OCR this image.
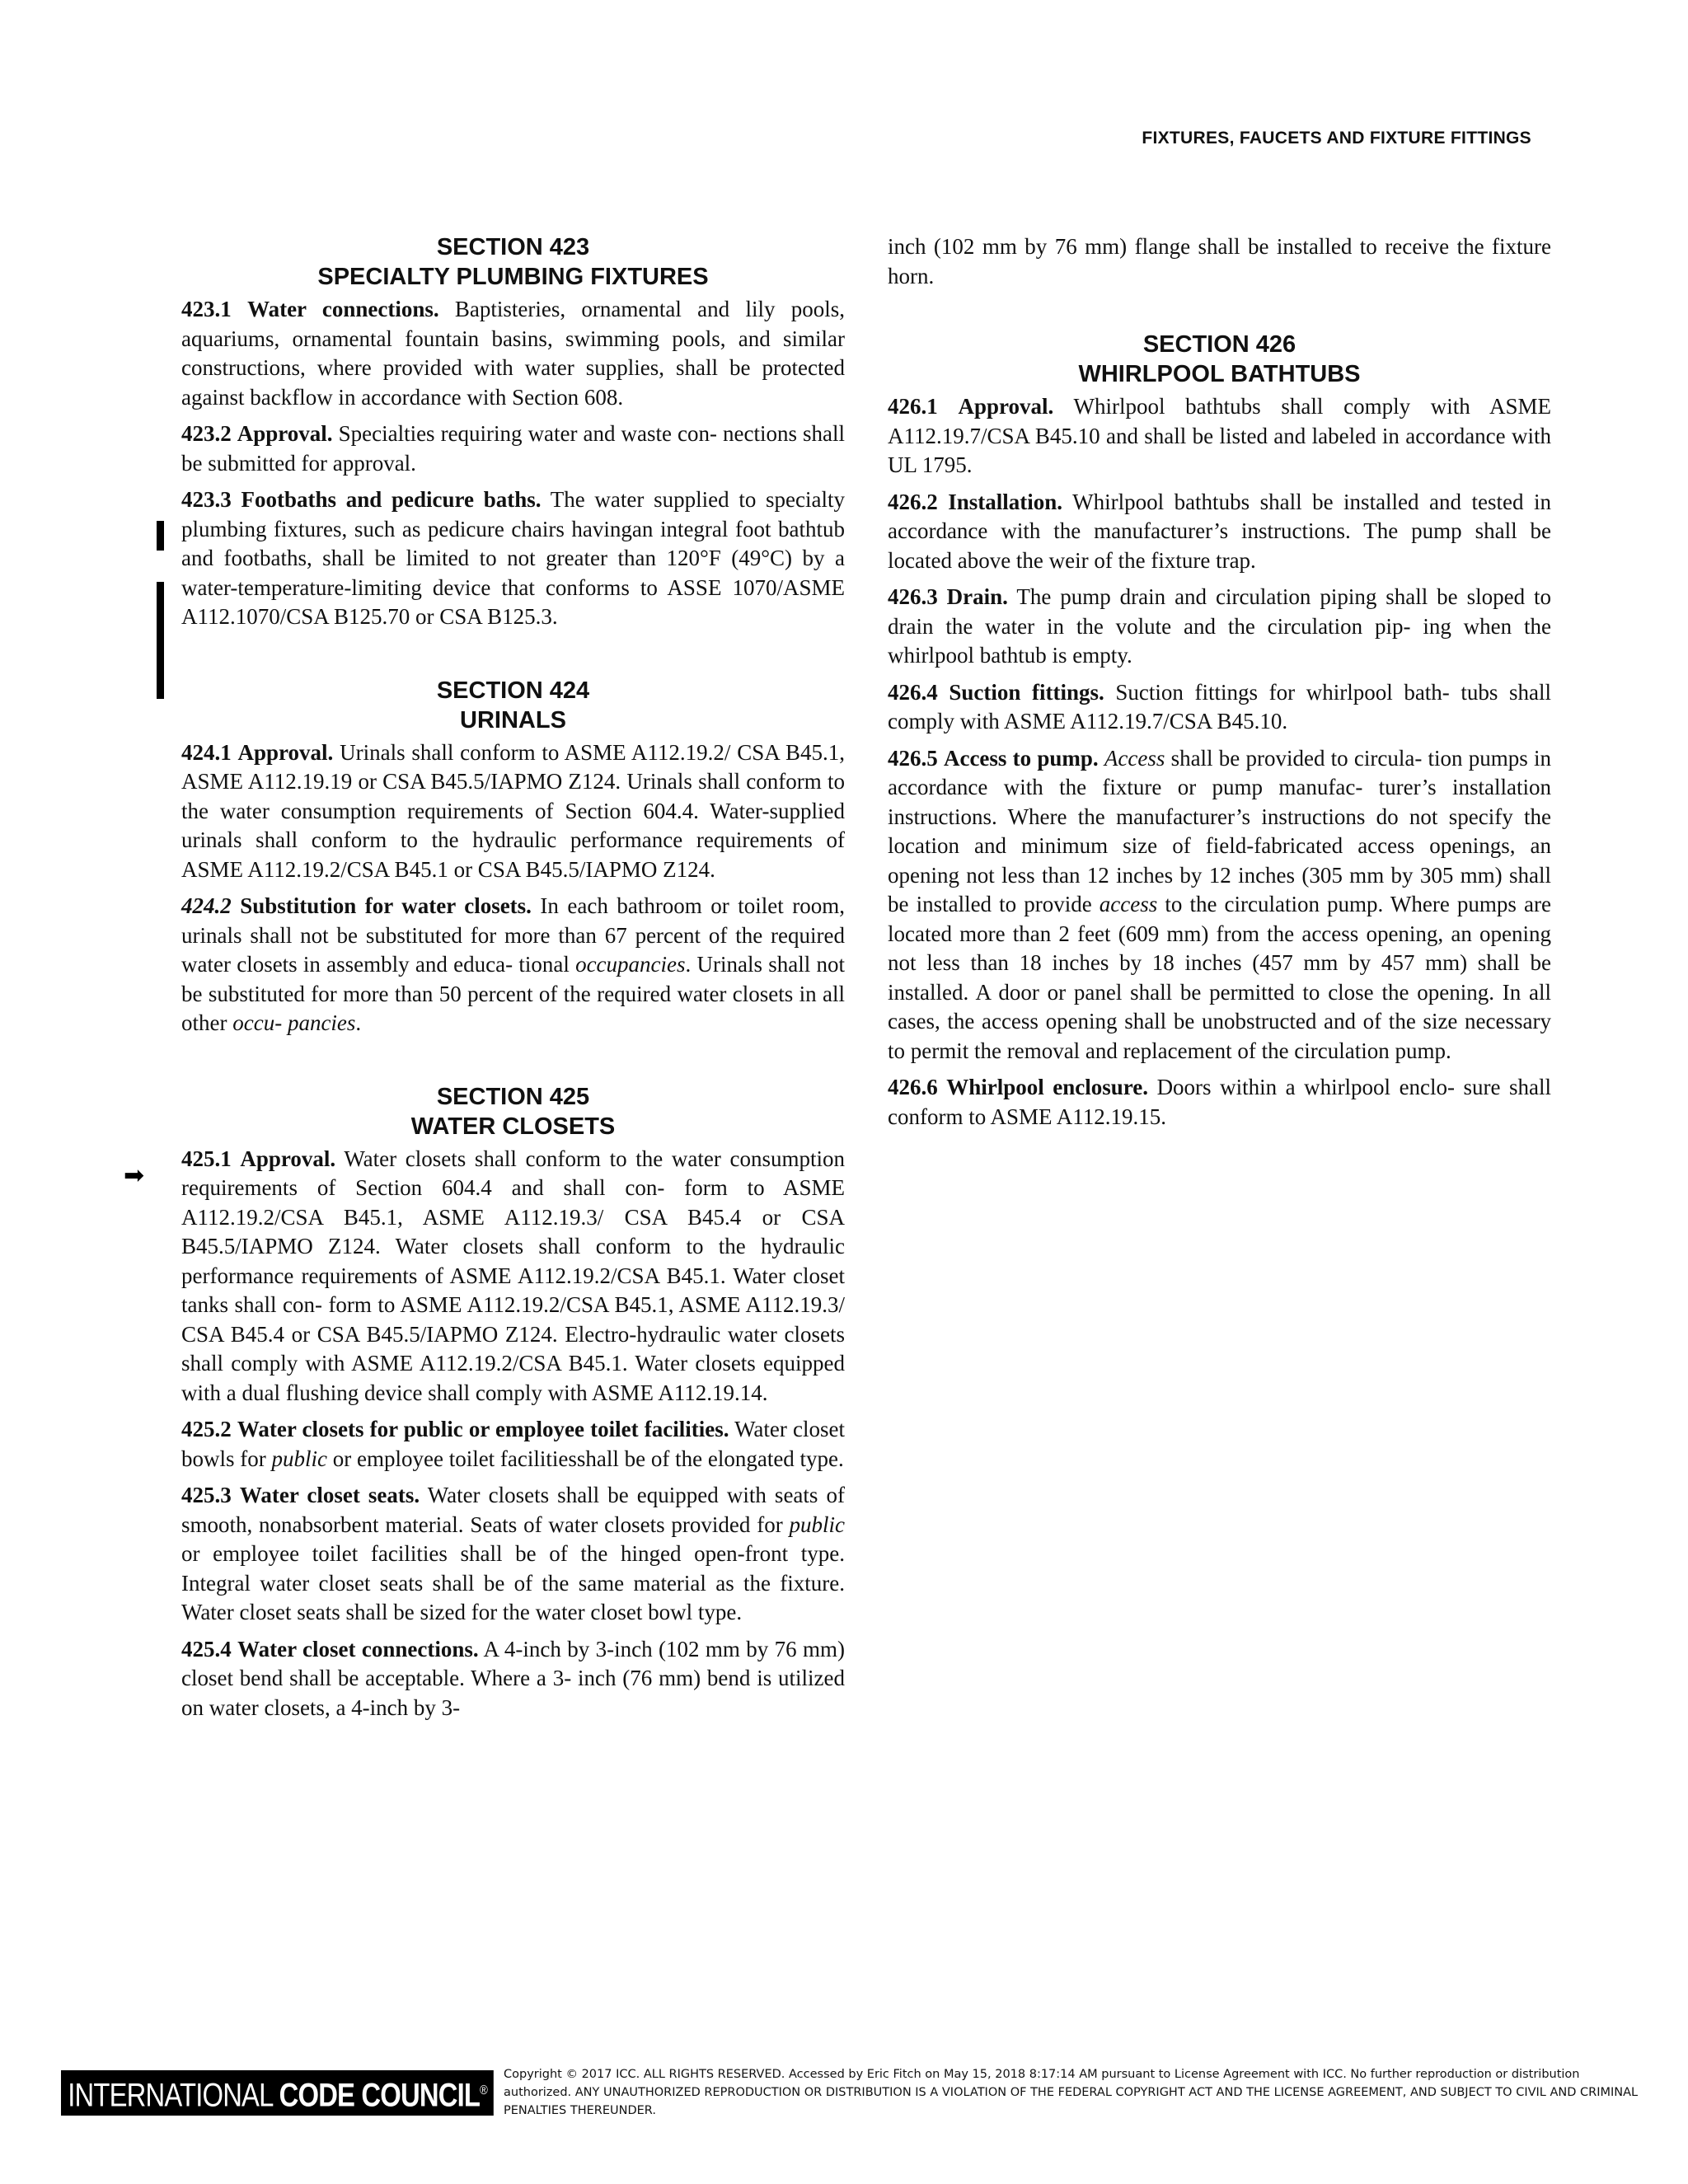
FIXTURES, FAUCETS AND FIXTURE FITTINGS
➡
SECTION 423
SPECIALTY PLUMBING FIXTURES

423.1 Water connections. Baptisteries, ornamental and lily pools, aquariums, ornamental fountain basins, swimming pools, and similar constructions, where provided with water supplies, shall be protected against backflow in accordance with Section 608.

423.2 Approval. Specialties requiring water and waste con- nections shall be submitted for approval.

423.3 Footbaths and pedicure baths. The water supplied to specialty plumbing fixtures, such as pedicure chairs havingan integral foot bathtub and footbaths, shall be limited to not greater than 120°F (49°C) by a water-temperature-limiting device that conforms to ASSE 1070/ASME A112.1070/CSA B125.70 or CSA B125.3.

SECTION 424
URINALS

424.1 Approval. Urinals shall conform to ASME A112.19.2/ CSA B45.1, ASME A112.19.19 or CSA B45.5/IAPMO Z124. Urinals shall conform to the water consumption requirements of Section 604.4. Water-supplied urinals shall conform to the hydraulic performance requirements of ASME A112.19.2/CSA B45.1 or CSA B45.5/IAPMO Z124.

424.2 Substitution for water closets. In each bathroom or toilet room, urinals shall not be substituted for more than 67 percent of the required water closets in assembly and educa- tional occupancies. Urinals shall not be substituted for more than 50 percent of the required water closets in all other occu- pancies.

SECTION 425
WATER CLOSETS

425.1 Approval. Water closets shall conform to the water consumption requirements of Section 604.4 and shall con- form to ASME A112.19.2/CSA B45.1, ASME A112.19.3/ CSA B45.4 or CSA B45.5/IAPMO Z124. Water closets shall conform to the hydraulic performance requirements of ASME A112.19.2/CSA B45.1. Water closet tanks shall con- form to ASME A112.19.2/CSA B45.1, ASME A112.19.3/ CSA B45.4 or CSA B45.5/IAPMO Z124. Electro-hydraulic water closets shall comply with ASME A112.19.2/CSA B45.1. Water closets equipped with a dual flushing device shall comply with ASME A112.19.14.

425.2 Water closets for public or employee toilet facilities. Water closet bowls for public or employee toilet facilitiesshall be of the elongated type.

425.3 Water closet seats. Water closets shall be equipped with seats of smooth, nonabsorbent material. Seats of water closets provided for public or employee toilet facilities shall be of the hinged open-front type. Integral water closet seats shall be of the same material as the fixture. Water closet seats shall be sized for the water closet bowl type.

425.4 Water closet connections. A 4-inch by 3-inch (102 mm by 76 mm) closet bend shall be acceptable. Where a 3- inch (76 mm) bend is utilized on water closets, a 4-inch by 3-

inch (102 mm by 76 mm) flange shall be installed to receive the fixture horn.

SECTION 426
WHIRLPOOL BATHTUBS

426.1 Approval. Whirlpool bathtubs shall comply with ASME A112.19.7/CSA B45.10 and shall be listed and labeled in accordance with UL 1795.

426.2 Installation. Whirlpool bathtubs shall be installed and tested in accordance with the manufacturer’s instructions. The pump shall be located above the weir of the fixture trap.

426.3 Drain. The pump drain and circulation piping shall be sloped to drain the water in the volute and the circulation pip- ing when the whirlpool bathtub is empty.

426.4 Suction fittings. Suction fittings for whirlpool bath- tubs shall comply with ASME A112.19.7/CSA B45.10.

426.5 Access to pump. Access shall be provided to circula- tion pumps in accordance with the fixture or pump manufac- turer’s installation instructions. Where the manufacturer’s instructions do not specify the location and minimum size of field-fabricated access openings, an opening not less than 12 inches by 12 inches (305 mm by 305 mm) shall be installed to provide access to the circulation pump. Where pumps are located more than 2 feet (609 mm) from the access opening, an opening not less than 18 inches by 18 inches (457 mm by 457 mm) shall be installed. A door or panel shall be permitted to close the opening. In all cases, the access opening shall be unobstructed and of the size necessary to permit the removal and replacement of the circulation pump.

426.6 Whirlpool enclosure. Doors within a whirlpool enclo- sure shall conform to ASME A112.19.15.

INTERNATIONAL CODE COUNCIL®
Copyright © 2017 ICC. ALL RIGHTS RESERVED. Accessed by Eric Fitch on May 15, 2018 8:17:14 AM pursuant to License Agreement with ICC. No further reproduction or distribution authorized. ANY UNAUTHORIZED REPRODUCTION OR DISTRIBUTION IS A VIOLATION OF THE FEDERAL COPYRIGHT ACT AND THE LICENSE AGREEMENT, AND SUBJECT TO CIVIL AND CRIMINAL PENALTIES THEREUNDER.
